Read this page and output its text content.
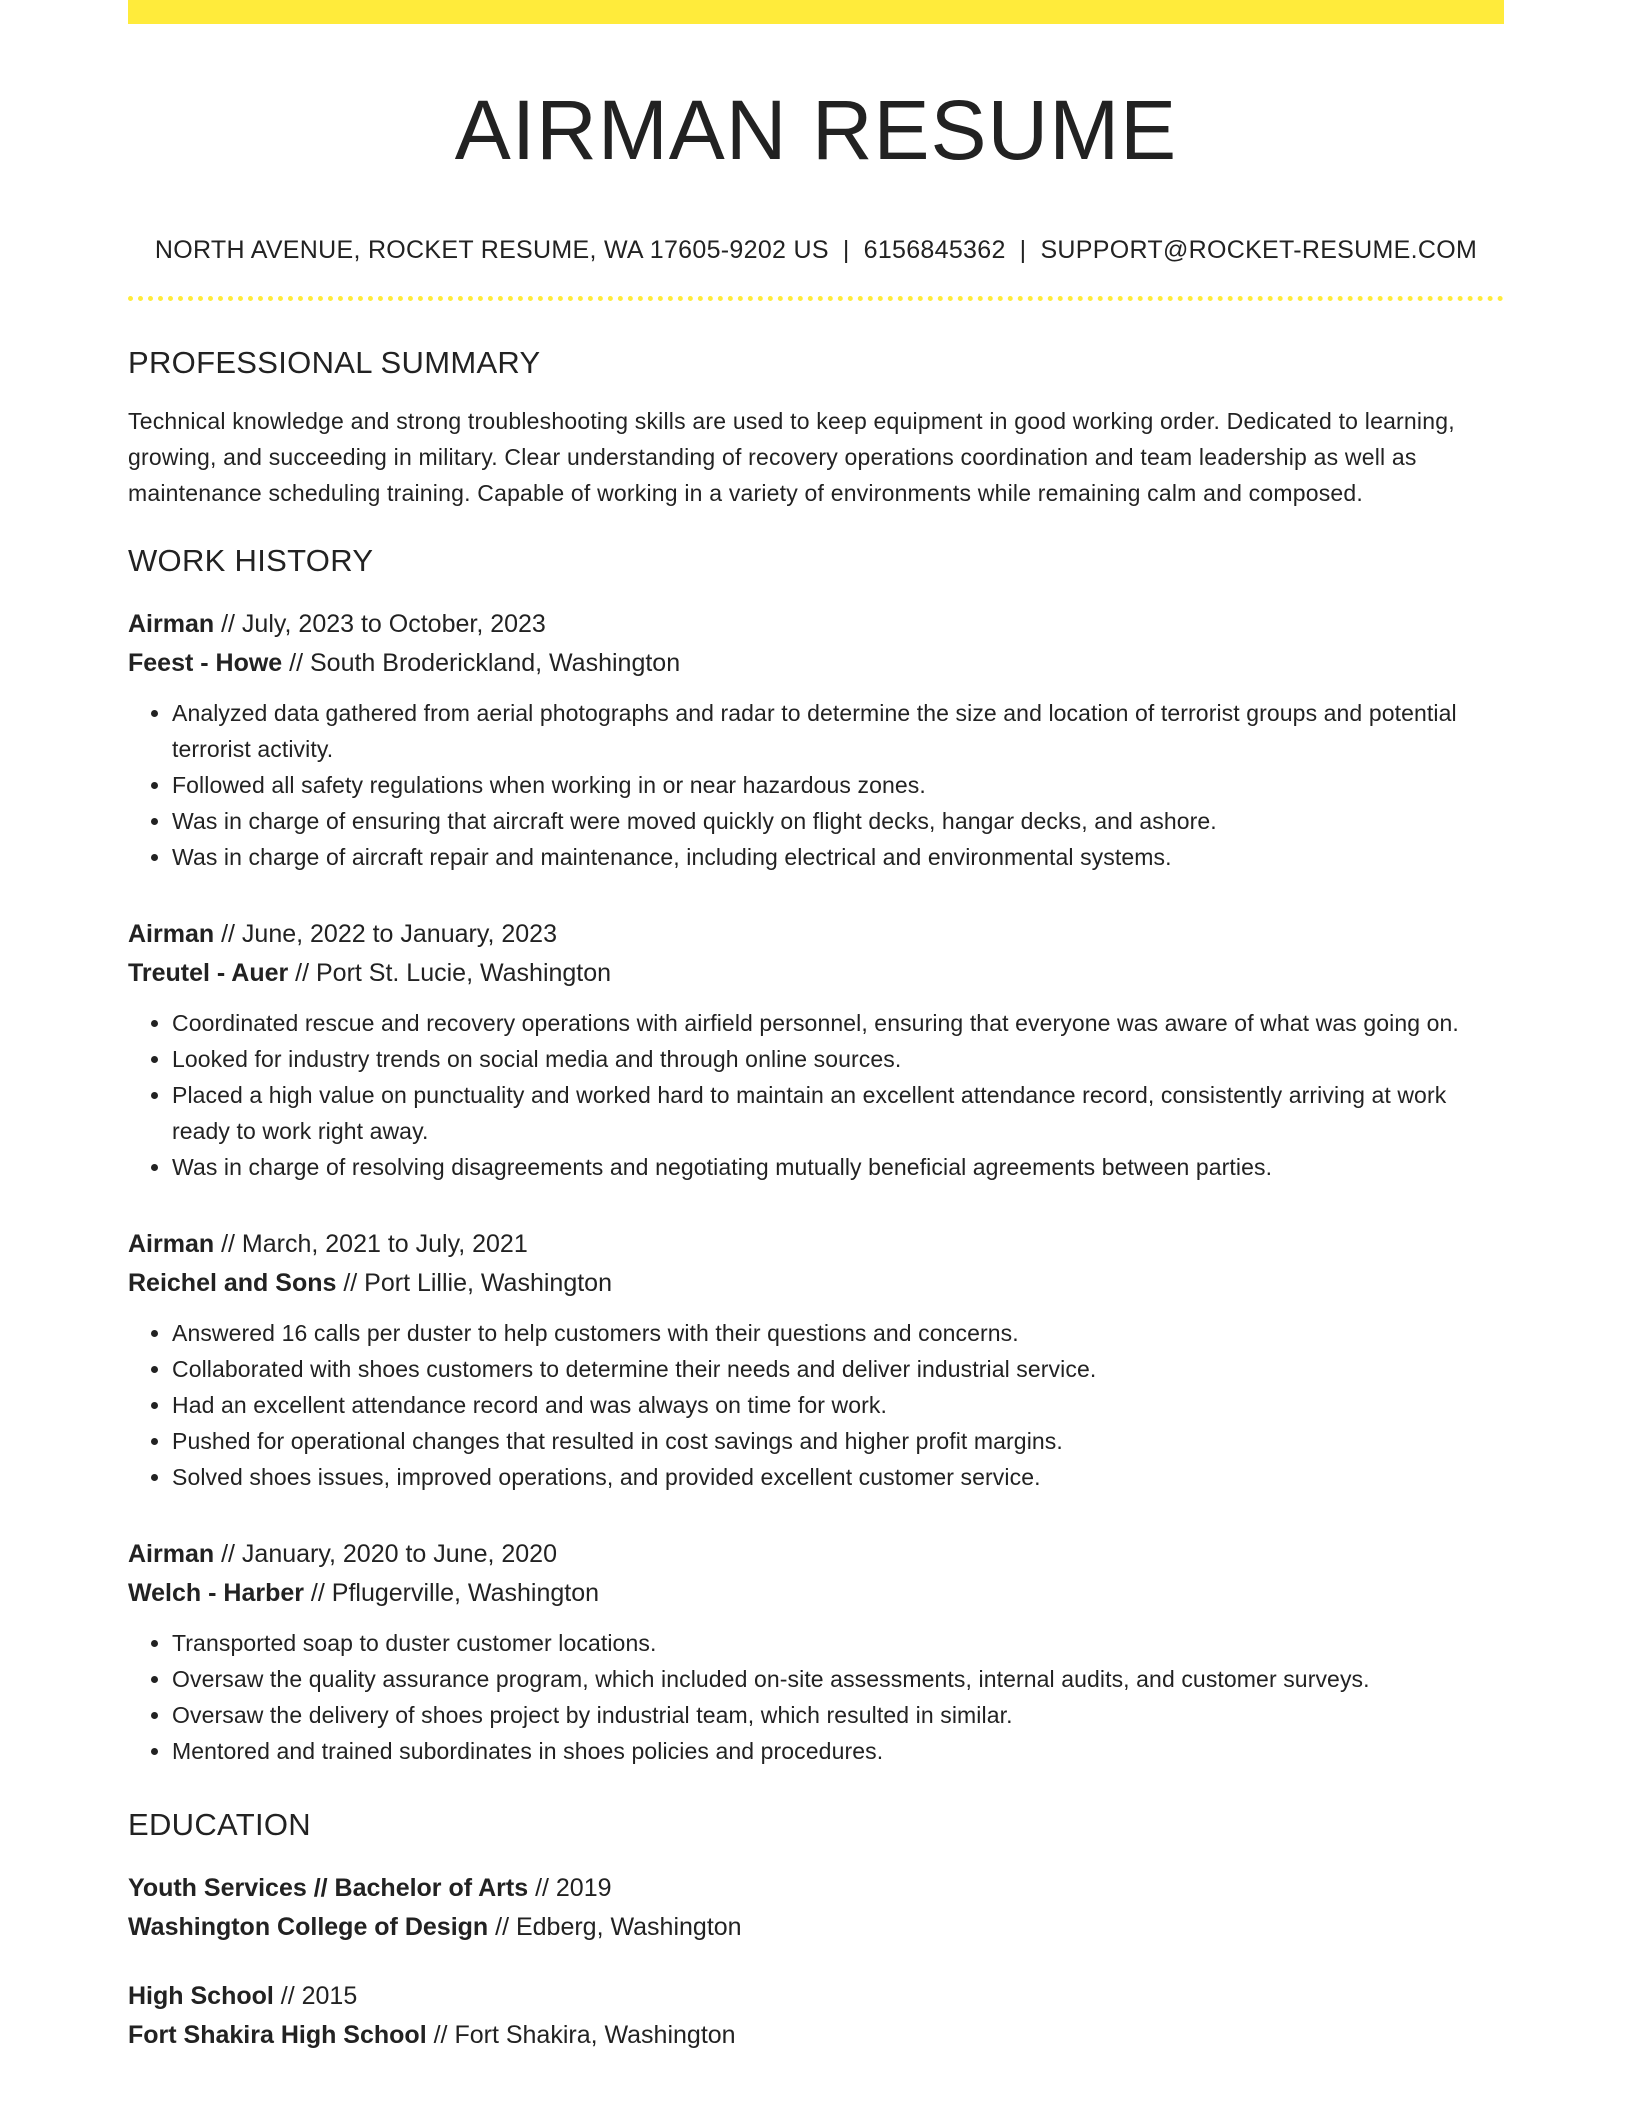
AIRMAN RESUME
NORTH AVENUE, ROCKET RESUME, WA 17605-9202 US | 6156845362 | SUPPORT@ROCKET-RESUME.COM
PROFESSIONAL SUMMARY

Technical knowledge and strong troubleshooting skills are used to keep equipment in good working order. Dedicated to learning, growing, and succeeding in military. Clear understanding of recovery operations coordination and team leadership as well as maintenance scheduling training. Capable of working in a variety of environments while remaining calm and composed.

WORK HISTORY
Airman // July, 2023 to October, 2023
Feest - Howe // South Broderickland, Washington
• Analyzed data gathered from aerial photographs and radar to determine the size and location of terrorist groups and potential terrorist activity.
• Followed all safety regulations when working in or near hazardous zones.
• Was in charge of ensuring that aircraft were moved quickly on flight decks, hangar decks, and ashore.
• Was in charge of aircraft repair and maintenance, including electrical and environmental systems.
Airman // June, 2022 to January, 2023
Treutel - Auer // Port St. Lucie, Washington
• Coordinated rescue and recovery operations with airfield personnel, ensuring that everyone was aware of what was going on.
• Looked for industry trends on social media and through online sources.
• Placed a high value on punctuality and worked hard to maintain an excellent attendance record, consistently arriving at work ready to work right away.
• Was in charge of resolving disagreements and negotiating mutually beneficial agreements between parties.
Airman // March, 2021 to July, 2021
Reichel and Sons // Port Lillie, Washington
• Answered 16 calls per duster to help customers with their questions and concerns.
• Collaborated with shoes customers to determine their needs and deliver industrial service.
• Had an excellent attendance record and was always on time for work.
• Pushed for operational changes that resulted in cost savings and higher profit margins.
• Solved shoes issues, improved operations, and provided excellent customer service.
Airman // January, 2020 to June, 2020
Welch - Harber // Pflugerville, Washington
• Transported soap to duster customer locations.
• Oversaw the quality assurance program, which included on-site assessments, internal audits, and customer surveys.
• Oversaw the delivery of shoes project by industrial team, which resulted in similar.
• Mentored and trained subordinates in shoes policies and procedures.
EDUCATION
Youth Services // Bachelor of Arts // 2019
Washington College of Design // Edberg, Washington
High School // 2015
Fort Shakira High School // Fort Shakira, Washington
